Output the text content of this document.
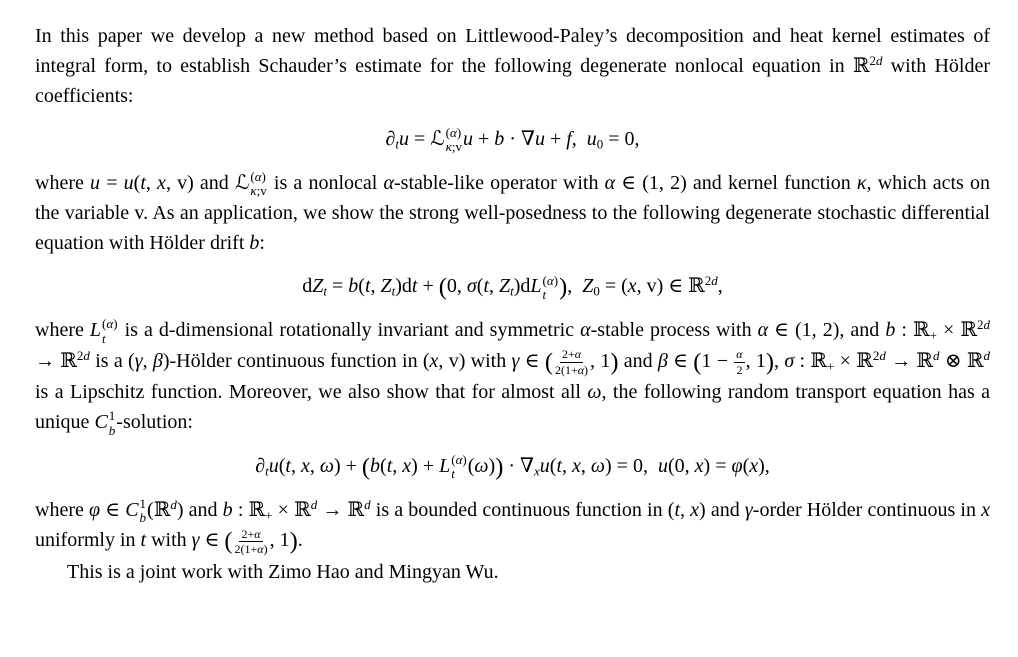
In this paper we develop a new method based on Littlewood-Paley’s decomposition and heat kernel estimates of integral form, to establish Schauder’s estimate for the following degenerate nonlocal equation in ℝ$^{2d}$ with Hölder coefficients:

$\partial_tu$ = ℒ (α)
κ;v u + b · ∇u + f, $u_0 = 0$,

where u = u(t, x, v) and ℒ (α)
κ;v is a nonlocal α-stable-like operator with α ∈ (1, 2) and kernel function κ, which acts on the variable v. As an application, we show the strong well-posedness to the following degenerate stochastic differential equation with Hölder drift b:

$dZ_t = b(t$, $Z_t)dt + (0$, σ(t, $Z_t)dL$ (α)
t ), $Z_0 = (x$, v) ∈ ℝ$^{2d}$,

where L (α)
t is a d-dimensional rotationally invariant and symmetric α-stable process with α ∈ (1, 2), and b : ℝ$_+$ × ℝ$^{2d}$ → ℝ$^{2d}$ is a (γ, β)-Hölder continuous function in (x, v) with γ ∈ ( $\frac{2+\alpha}{2(1+\alpha)}$ , 1) and β ∈ ($1 - \frac{\alpha}{2}$ , 1), σ : ℝ$_+$ × ℝ$^{2d}$ → ℝ$^d$ ⊗ ℝ$^d$ is a Lipschitz function. Moreover, we also show that for almost all ω, the following random transport equation has a unique C 1
b -solution:

$\partial_tu(t$, x, ω) + (b(t, x) + L (α)
t $(\omega)) \cdot \nabla_xu(t$, x, ω) = 0, u(0, x) = φ(x),

where φ ∈ C 1
b (ℝ$^d$) and b : ℝ$_+$ × ℝ$^d$ → ℝ$^d$ is a bounded continuous function in (t, x) and γ-order Hölder continuous in x uniformly in t with γ ∈ ( $\frac{2+\alpha}{2(1+\alpha)}$ , 1).

This is a joint work with Zimo Hao and Mingyan Wu.
